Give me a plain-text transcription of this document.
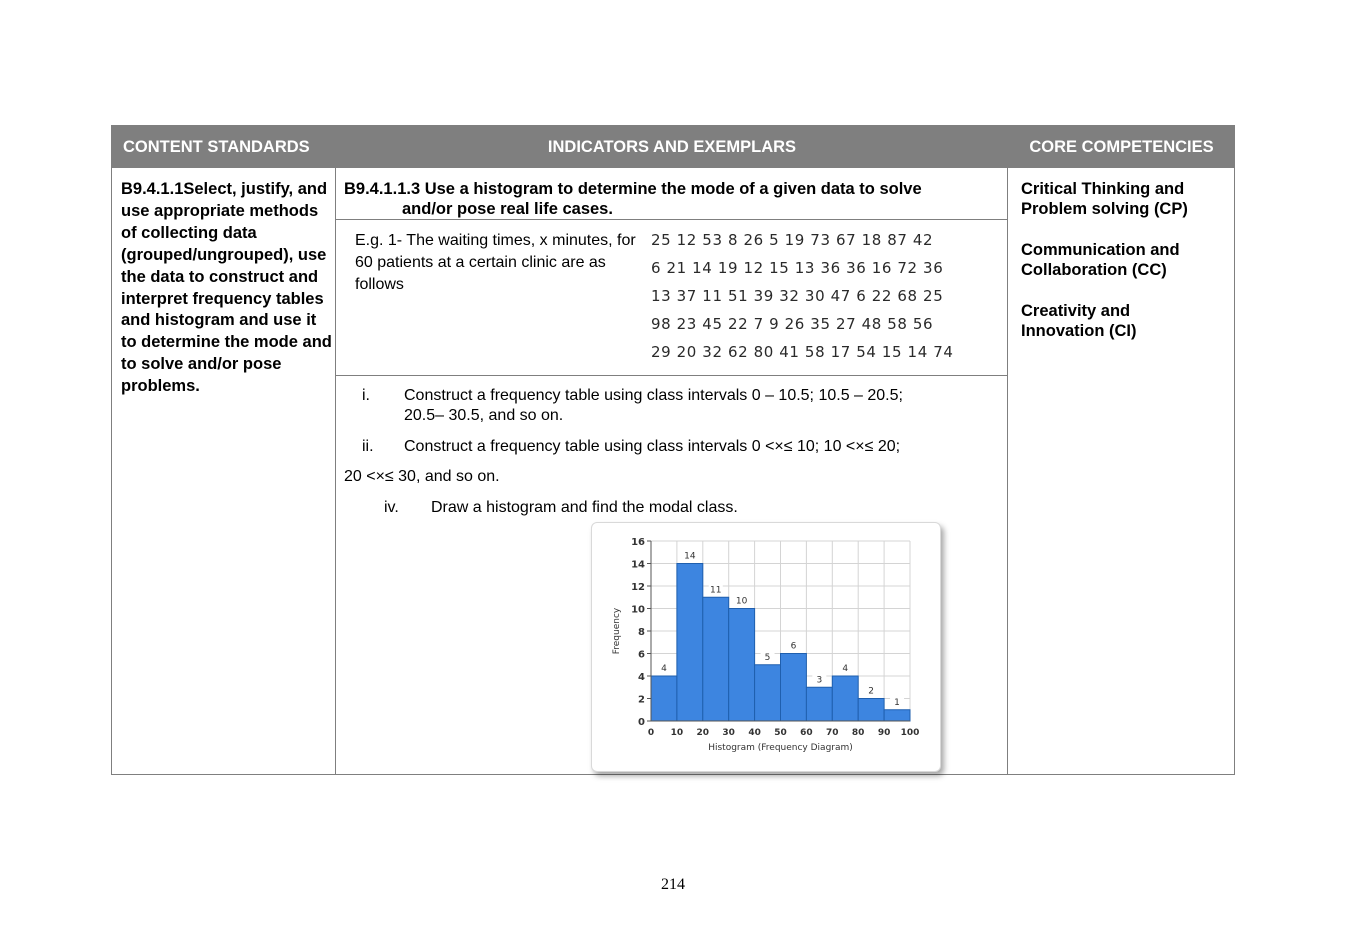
CONTENT STANDARDS	INDICATORS AND EXEMPLARS	CORE COMPETENCIES
B9.4.1.1Select, justify, and use appropriate methods of collecting data (grouped/ungrouped), use the data to construct and interpret frequency tables and histogram and use it to determine the mode and to solve and/or pose problems.
B9.4.1.1.3 Use a histogram to determine the mode of a given data to solve
and/or pose real life cases.
E.g. 1- The waiting times, x minutes, for 60 patients at a certain clinic are as follows
25 12 53 8 26 5 19 73 67 18 87 42
6 21 14 19 12 15 13 36 36 16 72 36
13 37 11 51 39 32 30 47 6 22 68 25
98 23 45 22 7 9 26 35 27 48 58 56
29 20 32 62 80 41 58 17 54 15 14 74
i. Construct a frequency table using class intervals 0 – 10.5; 10.5 – 20.5;
20.5– 30.5, and so on.
ii. Construct a frequency table using class intervals 0 <×≤ 10; 10 <×≤ 20;
20 <×≤ 30, and so on.
iv. Draw a histogram and find the modal class.
4
14
11
10
5
6
3
4
2
1
0
2
4
6
8
10
12
14
16
0 10 20 30 40 50 60 70 80 90 100
Histogram (Frequency Diagram)
Frequency
Critical Thinking and
Problem solving (CP)
Communication and
Collaboration (CC)
Creativity and
Innovation (CI)
214
